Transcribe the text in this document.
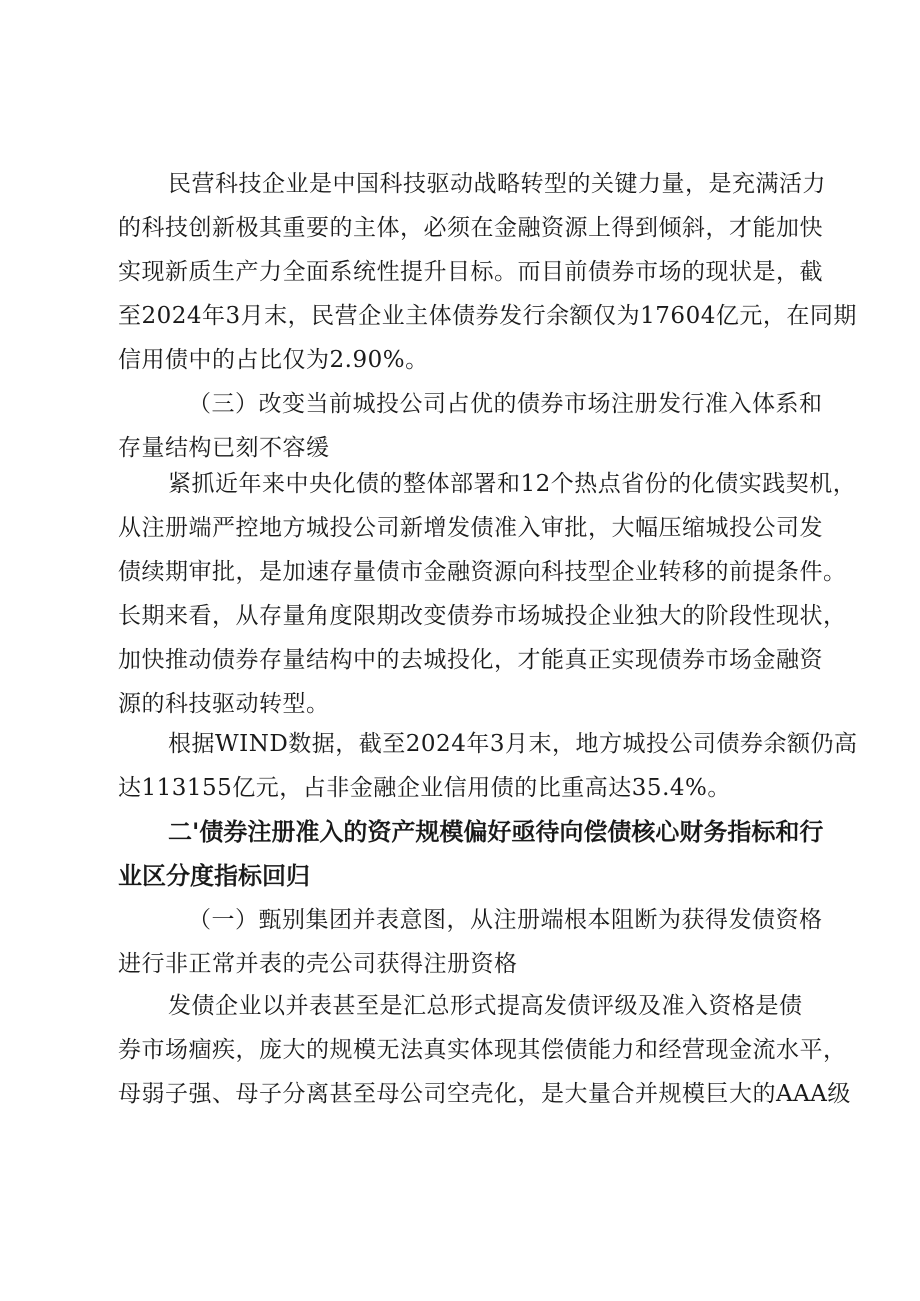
民营科技企业是中国科技驱动战略转型的关键力量，是充满活力
的科技创新极其重要的主体，必须在金融资源上得到倾斜，才能加快
实现新质生产力全面系统性提升目标。而目前债券市场的现状是，截
至2024年3月末，民营企业主体债券发行余额仅为17604亿元，在同期
信用债中的占比仅为2.90%。
（三）改变当前城投公司占优的债券市场注册发行准入体系和
存量结构已刻不容缓
紧抓近年来中央化债的整体部署和12个热点省份的化债实践契机，
从注册端严控地方城投公司新增发债准入审批，大幅压缩城投公司发
债续期审批，是加速存量债市金融资源向科技型企业转移的前提条件。
长期来看，从存量角度限期改变债券市场城投企业独大的阶段性现状，
加快推动债券存量结构中的去城投化，才能真正实现债券市场金融资
源的科技驱动转型。
根据WIND数据，截至2024年3月末，地方城投公司债券余额仍高
达113155亿元，占非金融企业信用债的比重高达35.4%。
二'债券注册准入的资产规模偏好亟待向偿债核心财务指标和行
业区分度指标回归
（一）甄别集团并表意图，从注册端根本阻断为获得发债资格
进行非正常并表的壳公司获得注册资格
发债企业以并表甚至是汇总形式提高发债评级及准入资格是债
券市场痼疾，庞大的规模无法真实体现其偿债能力和经营现金流水平，
母弱子强、母子分离甚至母公司空壳化，是大量合并规模巨大的AAA级
